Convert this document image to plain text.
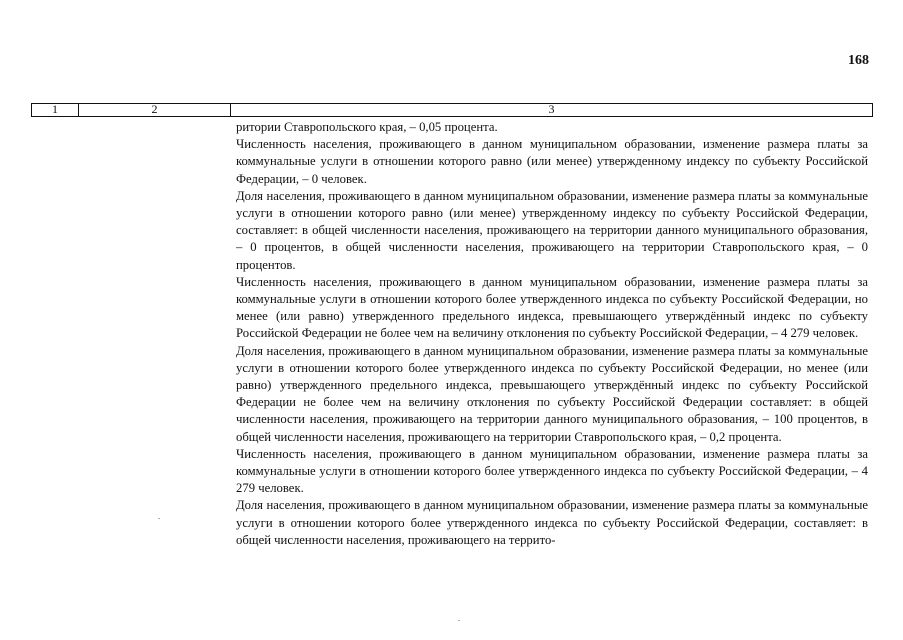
168
1	2	3

ритории Ставропольского края, – 0,05 процента.

Численность населения, проживающего в данном муниципальном образовании, изменение размера платы за коммунальные услуги в отношении которого равно (или менее) утвержденному индексу по субъекту Российской Федерации, – 0 человек.

Доля населения, проживающего в данном муниципальном образовании, изменение размера платы за коммунальные услуги в отношении которого равно (или менее) утвержденному индексу по субъекту Российской Федерации, составляет: в общей численности населения, проживающего на территории данного муниципального образования, – 0 процентов, в общей численности населения, проживающего на территории Ставропольского края, – 0 процентов.

Численность населения, проживающего в данном муниципальном образовании, изменение размера платы за коммунальные услуги в отношении которого более утвержденного индекса по субъекту Российской Федерации, но менее (или равно) утвержденного предельного индекса, превышающего утверждённый индекс по субъекту Российской Федерации не более чем на величину отклонения по субъекту Российской Федерации, – 4 279 человек.

Доля населения, проживающего в данном муниципальном образовании, изменение размера платы за коммунальные услуги в отношении которого более утвержденного индекса по субъекту Российской Федерации, но менее (или равно) утвержденного предельного индекса, превышающего утверждённый индекс по субъекту Российской Федерации не более чем на величину отклонения по субъекту Российской Федерации составляет: в общей численности населения, проживающего на территории данного муниципального образования, – 100 процентов, в общей численности населения, проживающего на территории Ставропольского края, – 0,2 процента.

Численность населения, проживающего в данном муниципальном образовании, изменение размера платы за коммунальные услуги в отношении которого более утвержденного индекса по субъекту Российской Федерации, – 4 279 человек.

Доля населения, проживающего в данном муниципальном образовании, изменение размера платы за коммунальные услуги в отношении которого более утвержденного индекса по субъекту Российской Федерации, составляет: в общей численности населения, проживающего на террито-
